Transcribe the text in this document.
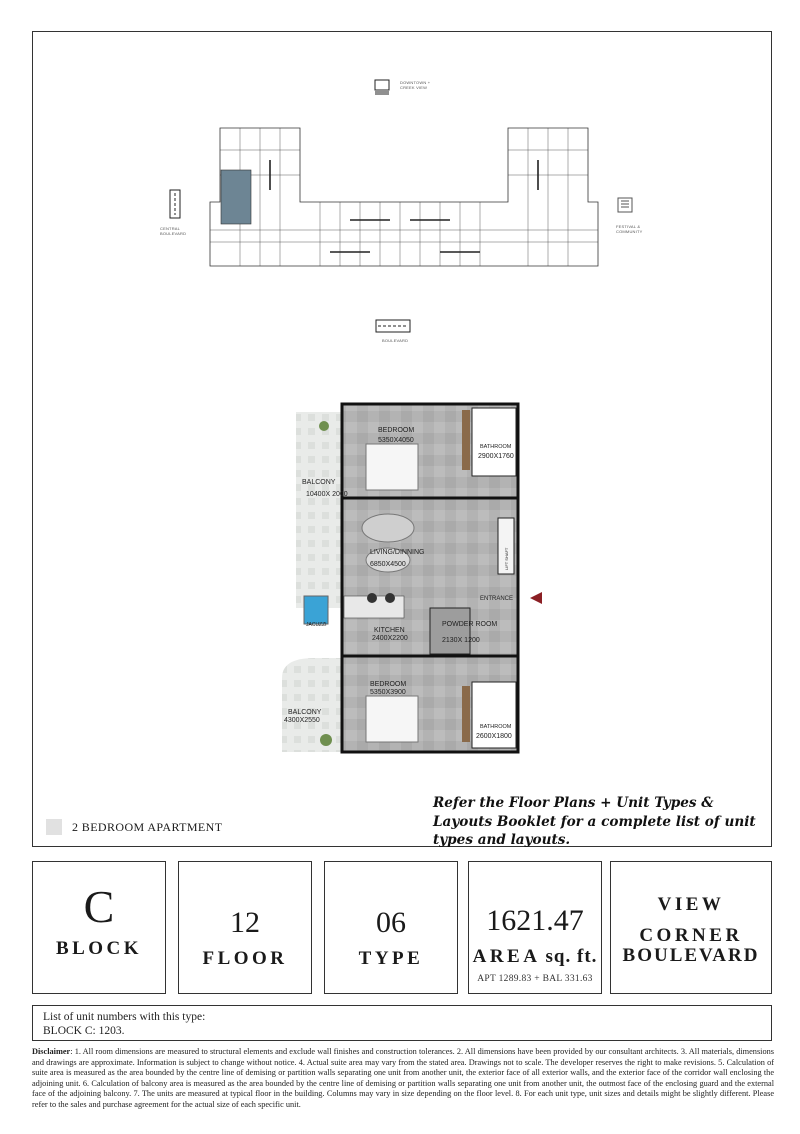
DOWNTOWN + CREEK VIEW
CENTRAL BOULEVARD
FESTIVAL & COMMUNITY
BOULEVARD
BEDROOM
5350X4050
BATHROOM
2900X1760
BALCONY
10400X 2000
LIVING/DINNING
6850X4500
ENTRANCE
JACUZZI
KITCHEN
2400X2200
POWDER ROOM
2130X 1200
BEDROOM
5350X3900
BALCONY
4300X2550
BATHROOM
2600X1800
LIFT SHAFT
2 BEDROOM APARTMENT
Refer the Floor Plans + Unit Types & Layouts Booklet for a complete list of unit types and layouts.
C
BLOCK
12
FLOOR
06
TYPE
1621.47
AREA sq. ft.
APT 1289.83 + BAL 331.63
VIEW
CORNER
BOULEVARD
List of unit numbers with this type:
BLOCK C: 1203.
Disclaimer: 1. All room dimensions are measured to structural elements and exclude wall finishes and construction tolerances. 2. All dimensions have been provided by our consultant architects. 3. All materials, dimensions and drawings are approximate. Information is subject to change without notice. 4. Actual suite area may vary from the stated area. Drawings not to scale. The developer reserves the right to make revisions. 5. Calculation of suite area is measured as the area bounded by the centre line of demising or partition walls separating one unit from another unit, the exterior face of all exterior walls, and the exterior face of the corridor wall enclosing the adjoining unit. 6. Calculation of balcony area is measured as the area bounded by the centre line of demising or partition walls separating one unit from another unit, the outmost face of the enclosing guard and the external face of the adjoining balcony. 7. The units are measured at typical floor in the building. Columns may vary in size depending on the floor level. 8. For each unit type, unit sizes and details might be slightly different. Please refer to the sales and purchase agreement for the actual size of each specific unit.
